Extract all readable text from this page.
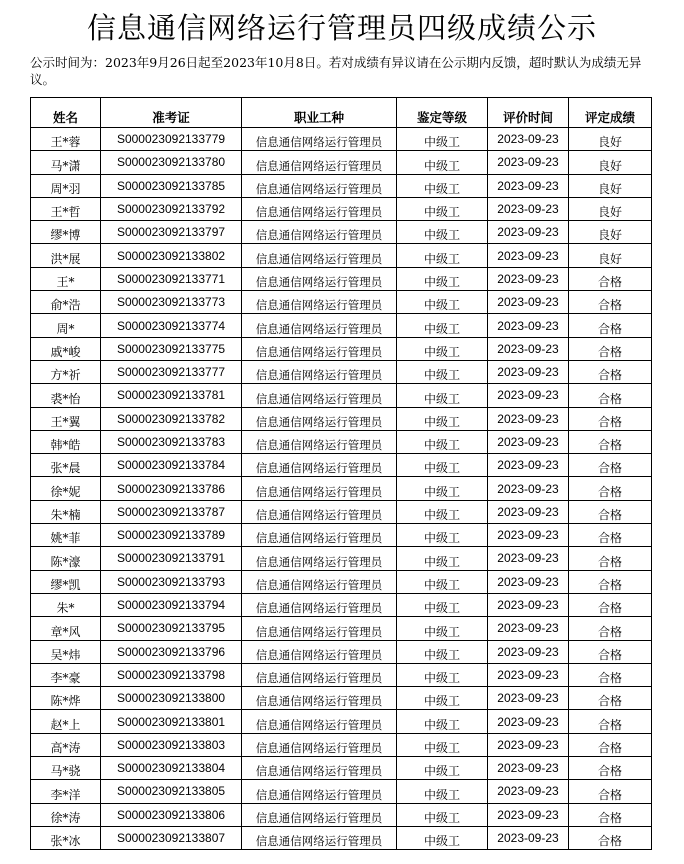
信息通信网络运行管理员四级成绩公示
公示时间为：2023年9月26日起至2023年10月8日。若对成绩有异议请在公示期内反馈，超时默认为成绩无异议。
姓名	准考证	职业工种	鉴定等级	评价时间	评定成绩
王*蓉	S000023092133779	信息通信网络运行管理员	中级工	2023-09-23	良好
马*潇	S000023092133780	信息通信网络运行管理员	中级工	2023-09-23	良好
周*羽	S000023092133785	信息通信网络运行管理员	中级工	2023-09-23	良好
王*哲	S000023092133792	信息通信网络运行管理员	中级工	2023-09-23	良好
缪*博	S000023092133797	信息通信网络运行管理员	中级工	2023-09-23	良好
洪*展	S000023092133802	信息通信网络运行管理员	中级工	2023-09-23	良好
王*	S000023092133771	信息通信网络运行管理员	中级工	2023-09-23	合格
俞*浩	S000023092133773	信息通信网络运行管理员	中级工	2023-09-23	合格
周*	S000023092133774	信息通信网络运行管理员	中级工	2023-09-23	合格
戚*峻	S000023092133775	信息通信网络运行管理员	中级工	2023-09-23	合格
方*祈	S000023092133777	信息通信网络运行管理员	中级工	2023-09-23	合格
裘*怡	S000023092133781	信息通信网络运行管理员	中级工	2023-09-23	合格
王*翼	S000023092133782	信息通信网络运行管理员	中级工	2023-09-23	合格
韩*皓	S000023092133783	信息通信网络运行管理员	中级工	2023-09-23	合格
张*晨	S000023092133784	信息通信网络运行管理员	中级工	2023-09-23	合格
徐*妮	S000023092133786	信息通信网络运行管理员	中级工	2023-09-23	合格
朱*楠	S000023092133787	信息通信网络运行管理员	中级工	2023-09-23	合格
姚*菲	S000023092133789	信息通信网络运行管理员	中级工	2023-09-23	合格
陈*濠	S000023092133791	信息通信网络运行管理员	中级工	2023-09-23	合格
缪*凯	S000023092133793	信息通信网络运行管理员	中级工	2023-09-23	合格
朱*	S000023092133794	信息通信网络运行管理员	中级工	2023-09-23	合格
章*风	S000023092133795	信息通信网络运行管理员	中级工	2023-09-23	合格
吴*炜	S000023092133796	信息通信网络运行管理员	中级工	2023-09-23	合格
李*豪	S000023092133798	信息通信网络运行管理员	中级工	2023-09-23	合格
陈*烨	S000023092133800	信息通信网络运行管理员	中级工	2023-09-23	合格
赵*上	S000023092133801	信息通信网络运行管理员	中级工	2023-09-23	合格
高*涛	S000023092133803	信息通信网络运行管理员	中级工	2023-09-23	合格
马*骁	S000023092133804	信息通信网络运行管理员	中级工	2023-09-23	合格
李*洋	S000023092133805	信息通信网络运行管理员	中级工	2023-09-23	合格
徐*涛	S000023092133806	信息通信网络运行管理员	中级工	2023-09-23	合格
张*冰	S000023092133807	信息通信网络运行管理员	中级工	2023-09-23	合格
